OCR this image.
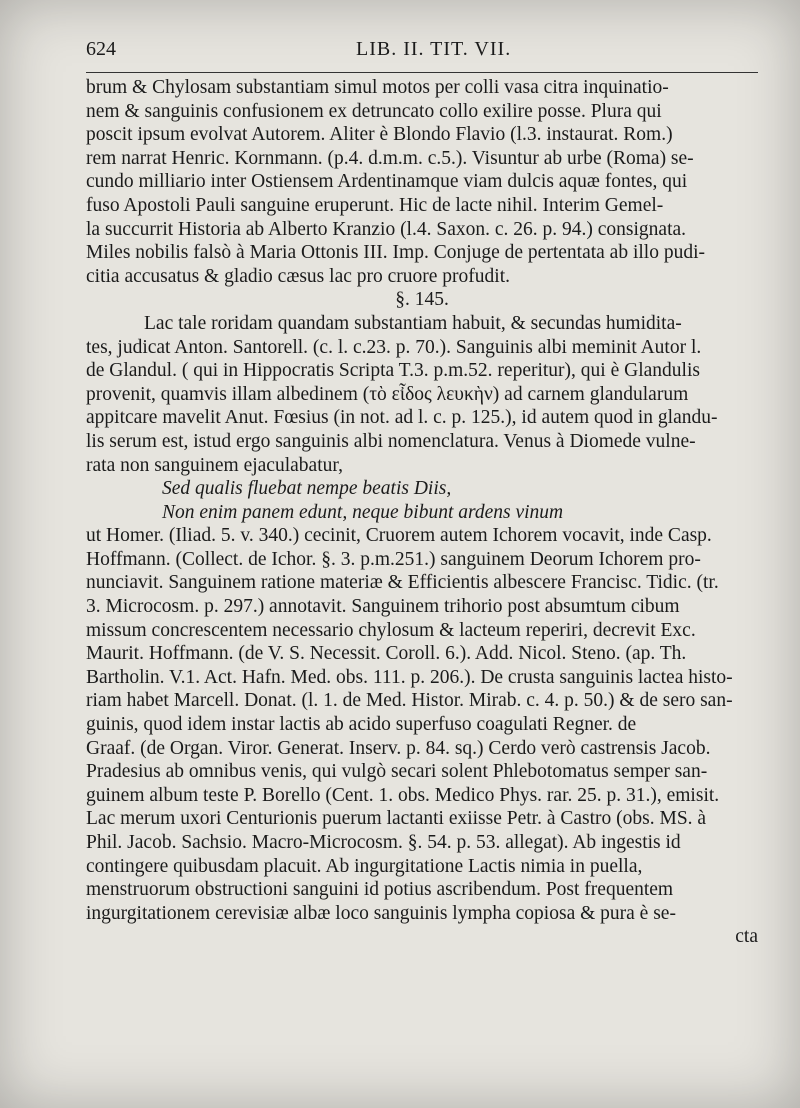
624	LIB. II. TIT. VII.
brum & Chylosam substantiam simul motos per colli vasa citra inquinatio-
nem & sanguinis confusionem ex detruncato collo exilire posse. Plura qui
poscit ipsum evolvat Autorem. Aliter è Blondo Flavio (l.3. instaurat. Rom.)
rem narrat Henric. Kornmann. (p.4. d.m.m. c.5.). Visuntur ab urbe (Roma) se-
cundo milliario inter Ostiensem Ardentinamque viam dulcis aquæ fontes, qui
fuso Apostoli Pauli sanguine eruperunt. Hic de lacte nihil. Interim Gemel-
la succurrit Historia ab Alberto Kranzio (l.4. Saxon. c. 26. p. 94.) consignata.
Miles nobilis falsò à Maria Ottonis III. Imp. Conjuge de pertentata ab illo pudi-
citia accusatus & gladio cæsus lac pro cruore profudit.
§. 145.
Lac tale roridam quandam substantiam habuit, & secundas humidita-
tes, judicat Anton. Santorell. (c. l. c.23. p. 70.). Sanguinis albi meminit Autor l.
de Glandul. ( qui in Hippocratis Scripta T.3. p.m.52. reperitur), qui è Glandulis
provenit, quamvis illam albedinem (τὸ εἶδος λευκὴν) ad carnem glandularum
appitcare mavelit Anut. Fœsius (in not. ad l. c. p. 125.), id autem quod in glandu-
lis serum est, istud ergo sanguinis albi nomenclatura. Venus à Diomede vulne-
rata non sanguinem ejaculabatur,
Sed qualis fluebat nempe beatis Diis,
Non enim panem edunt, neque bibunt ardens vinum
ut Homer. (Iliad. 5. v. 340.) cecinit, Cruorem autem Ichorem vocavit, inde Casp.
Hoffmann. (Collect. de Ichor. §. 3. p.m.251.) sanguinem Deorum Ichorem pro-
nunciavit. Sanguinem ratione materiæ & Efficientis albescere Francisc. Tidic. (tr.
3. Microcosm. p. 297.) annotavit. Sanguinem trihorio post absumtum cibum
missum concrescentem necessario chylosum & lacteum reperiri, decrevit Exc.
Maurit. Hoffmann. (de V. S. Necessit. Coroll. 6.). Add. Nicol. Steno. (ap. Th.
Bartholin. V.1. Act. Hafn. Med. obs. 111. p. 206.). De crusta sanguinis lactea histo-
riam habet Marcell. Donat. (l. 1. de Med. Histor. Mirab. c. 4. p. 50.) & de sero san-
guinis, quod idem instar lactis ab acido superfuso coagulati Regner. de
Graaf. (de Organ. Viror. Generat. Inserv. p. 84. sq.) Cerdo verò castrensis Jacob.
Pradesius ab omnibus venis, qui vulgò secari solent Phlebotomatus semper san-
guinem album teste P. Borello (Cent. 1. obs. Medico Phys. rar. 25. p. 31.), emisit.
Lac merum uxori Centurionis puerum lactanti exiisse Petr. à Castro (obs. MS. à
Phil. Jacob. Sachsio. Macro-Microcosm. §. 54. p. 53. allegat). Ab ingestis id
contingere quibusdam placuit. Ab ingurgitatione Lactis nimia in puella,
menstruorum obstructioni sanguini id potius ascribendum. Post frequentem
ingurgitationem cerevisiæ albæ loco sanguinis lympha copiosa & pura è se-
cta
